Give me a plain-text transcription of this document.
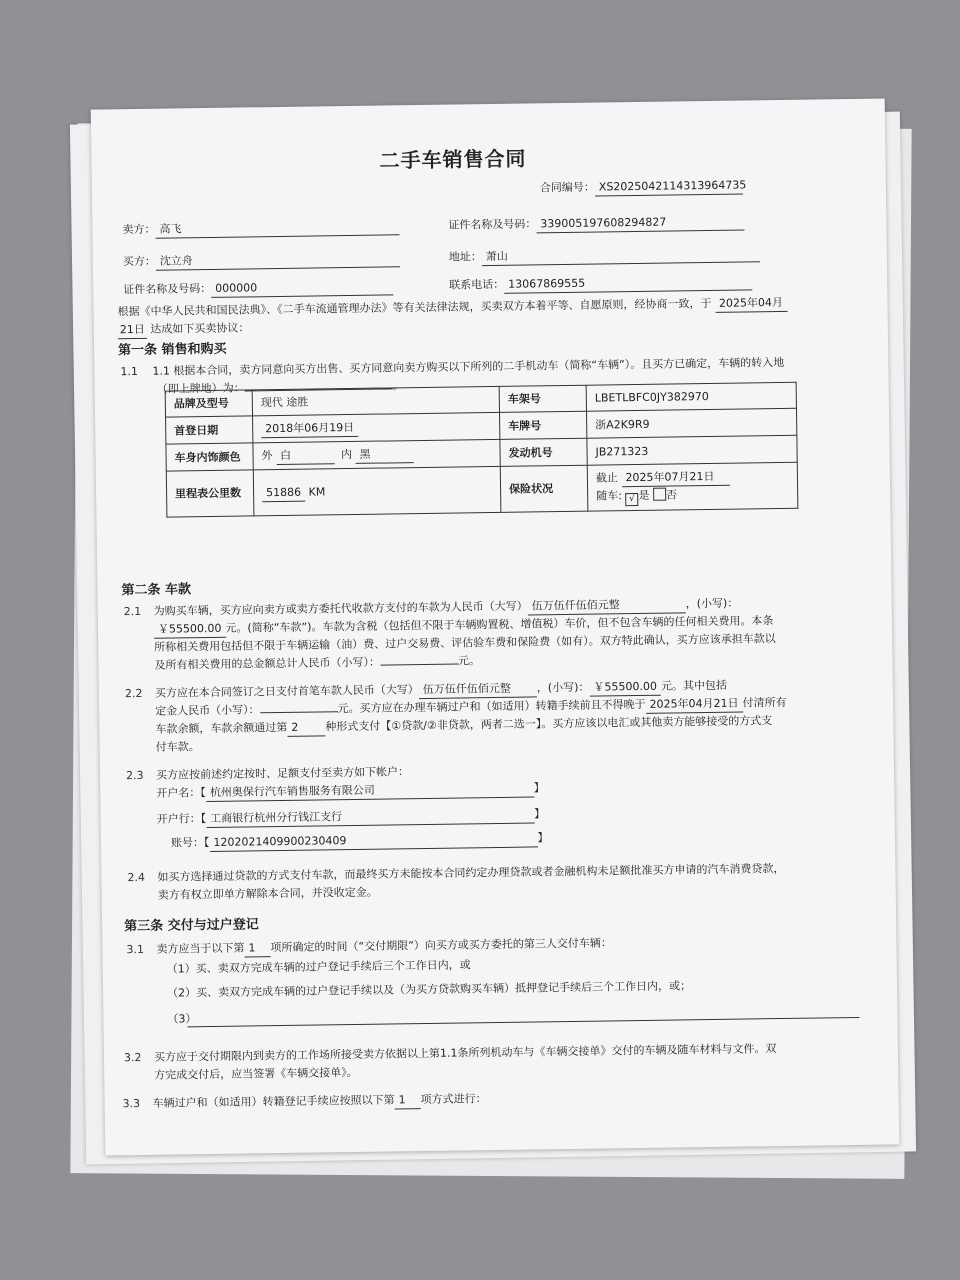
二手车销售合同
合同编号： XS2025042114313964735
卖方： 高飞	证件名称及号码： 339005197608294827
买方： 沈立舟	地址： 萧山
证件名称及号码： 000000	联系电话： 13067869555
根据《中华人民共和国民法典》、《二手车流通管理办法》等有关法律法规，买卖双方本着平等、自愿原则，经协商一致，于 2025年04月
21日 达成如下买卖协议：
第一条 销售和购买
1.1 1.1 根据本合同，卖方同意向买方出售、买方同意向卖方购买以下所列的二手机动车（简称“车辆”）。且买方已确定，车辆的转入地
（即上牌地）为：	。
品牌及型号	现代 途胜	车架号	LBETLBFC0JY382970
首登日期	2018年06月19日	车牌号	浙A2K9R9
车身内饰颜色	外 白 内 黑	发动机号	JB271323
里程表公里数	51886 KM	保险状况	截止 2025年07月21日
随车: √ 是 否
第二条 车款
2.1 为购买车辆，买方应向卖方或卖方委托代收款方支付的车款为人民币（大写） 伍万伍仟伍佰元整	，(小写)：
￥55500.00 元。(简称“车款”)。车款为含税（包括但不限于车辆购置税、增值税）车价，但不包含车辆的任何相关费用。本条
所称相关费用包括但不限于车辆运输（油）费、过户交易费、评估验车费和保险费（如有）。双方特此确认，买方应该承担车款以
及所有相关费用的总金额总计人民币（小写）：	元。
2.2 买方应在本合同签订之日支付首笔车款人民币（大写） 伍万伍仟伍佰元整 ，(小写)： ￥55500.00 元。其中包括
定金人民币（小写）：	元。买方应在办理车辆过户和（如适用）转籍手续前且不得晚于 2025年04月21日 付清所有
车款余额，车款余额通过第 2 种形式支付【①贷款/②非贷款，两者二选一】。买方应该以电汇或其他卖方能够接受的方式支
付车款。
2.3 买方应按前述约定按时、足额支付至卖方如下帐户：
开户名：【 杭州奥保行汽车销售服务有限公司	】
开户行：【 工商银行杭州分行钱江支行	】
账号：【 1202021409900230409	】
2.4 如买方选择通过贷款的方式支付车款，而最终买方未能按本合同约定办理贷款或者金融机构未足额批准买方申请的汽车消费贷款，
卖方有权立即单方解除本合同，并没收定金。
第三条 交付与过户登记
3.1 卖方应当于以下第 1 项所确定的时间（“交付期限”）向买方或买方委托的第三人交付车辆：
（1）买、卖双方完成车辆的过户登记手续后三个工作日内，或
（2）买、卖双方完成车辆的过户登记手续以及（为买方贷款购买车辆）抵押登记手续后三个工作日内，或；
（3）
3.2 买方应于交付期限内到卖方的工作场所接受卖方依据以上第1.1条所列机动车与《车辆交接单》交付的车辆及随车材料与文件。双
方完成交付后，应当签署《车辆交接单》。
3.3 车辆过户和（如适用）转籍登记手续应按照以下第 1 项方式进行：
